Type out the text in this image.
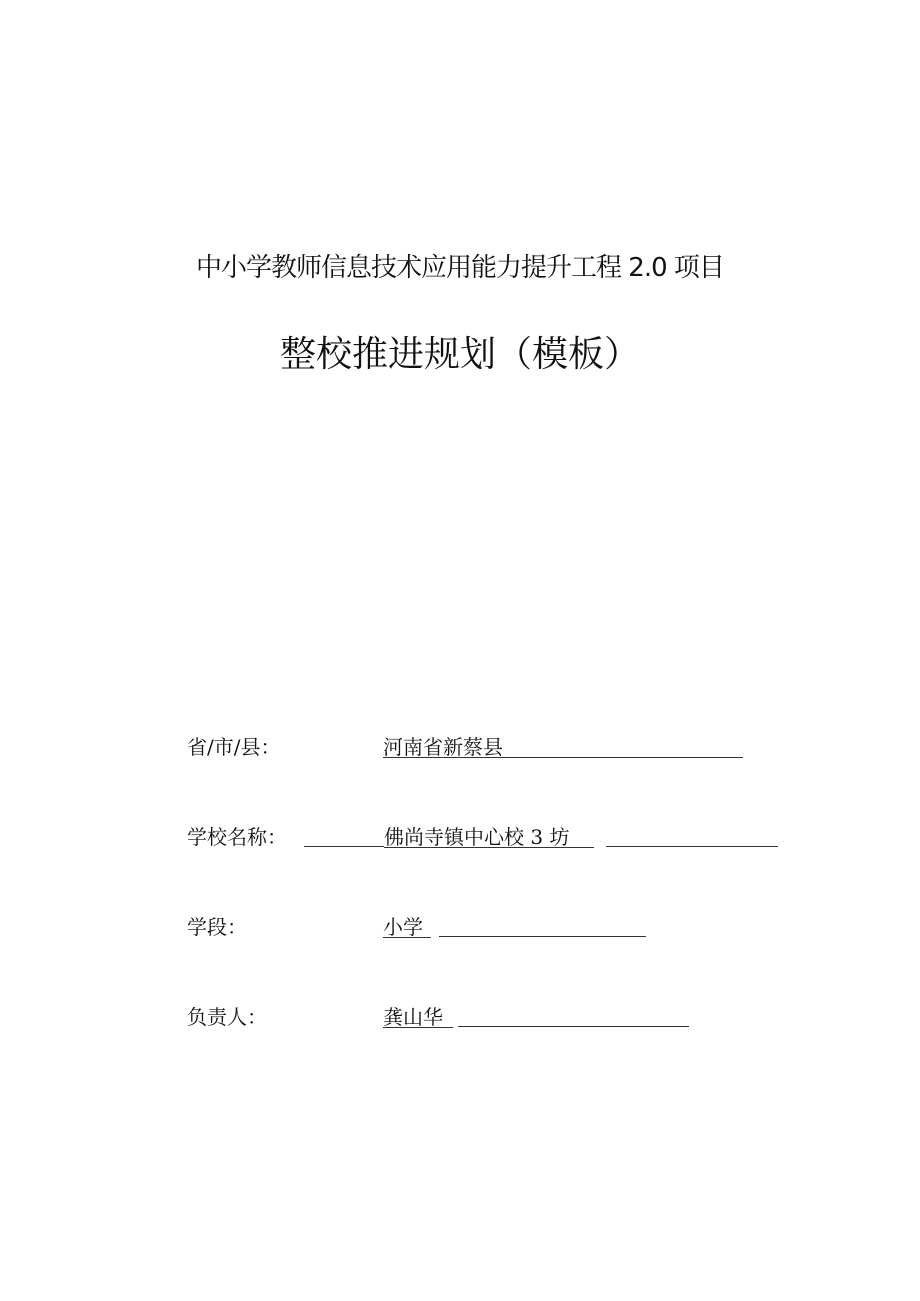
中小学教师信息技术应用能力提升工程 2.0 项目
整校推进规划（模板）
省/市/县：	河南省新蔡县
学校名称：	佛尚寺镇中心校 3 坊
学段：	小学
负责人：	龚山华
